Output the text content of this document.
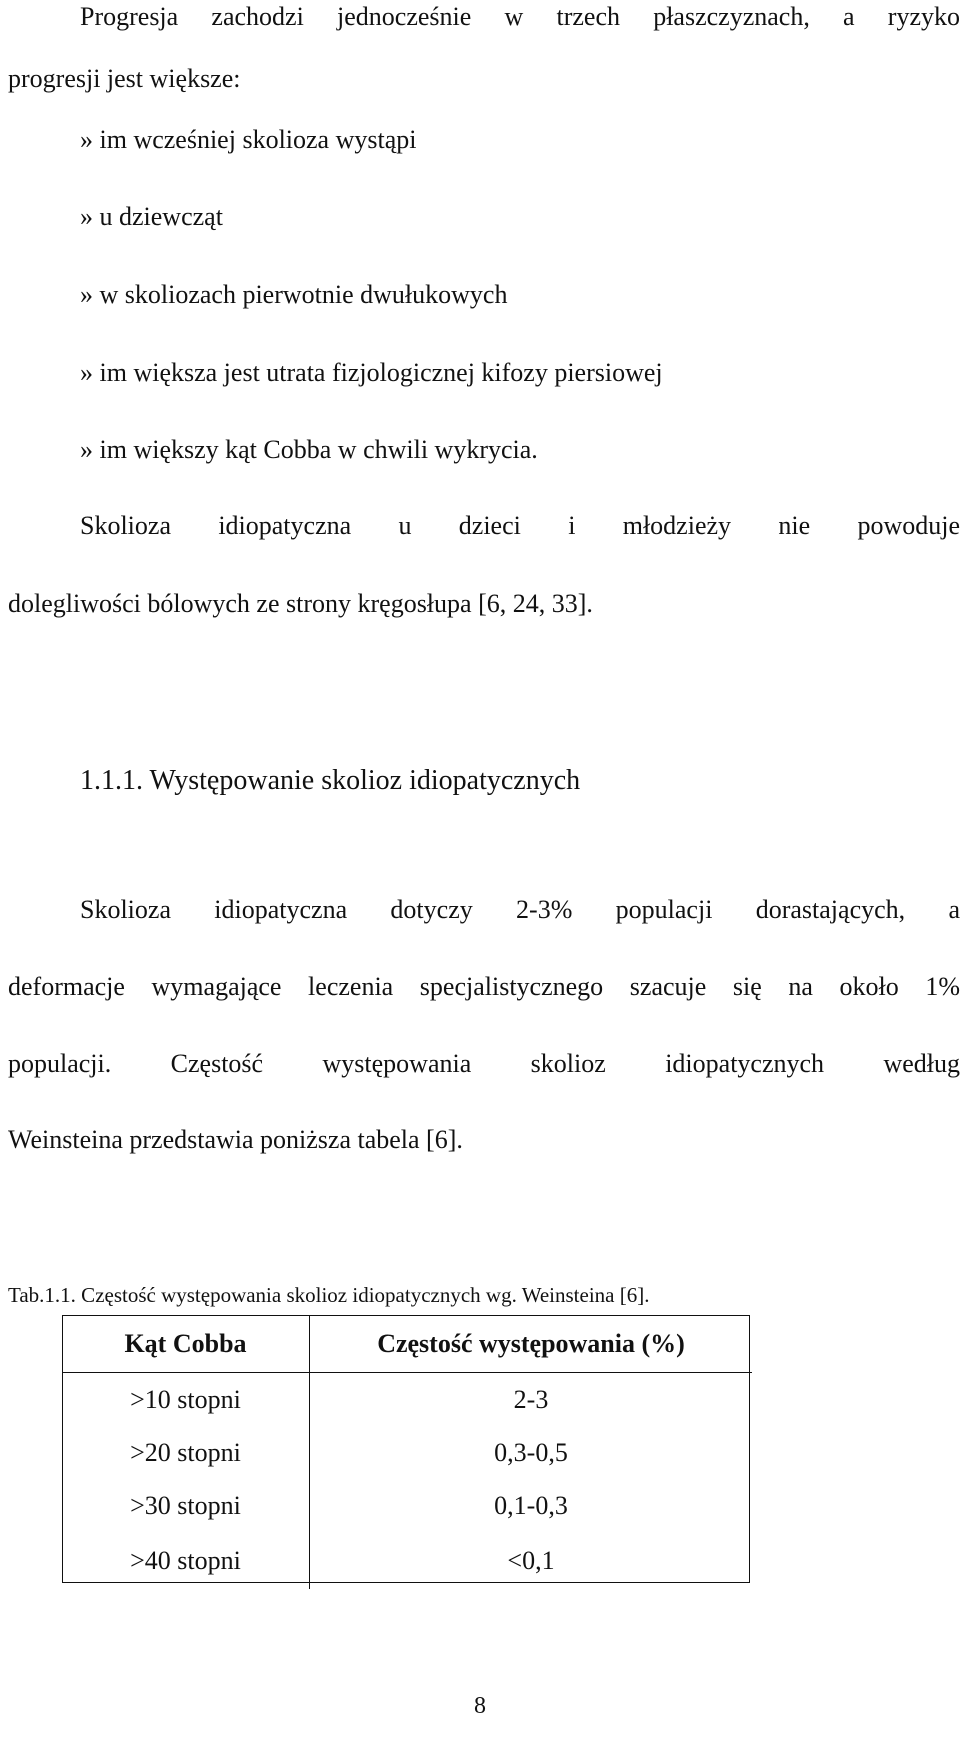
Progresja zachodzi jednocześnie w trzech płaszczyznach, a ryzyko
progresji jest większe:
» im wcześniej skolioza wystąpi
» u dziewcząt
» w skoliozach pierwotnie dwułukowych
» im większa jest utrata fizjologicznej kifozy piersiowej
» im większy kąt Cobba w chwili wykrycia.
Skolioza idiopatyczna u dzieci i młodzieży nie powoduje
dolegliwości bólowych ze strony kręgosłupa [6, 24, 33].
1.1.1. Występowanie skolioz idiopatycznych
Skolioza idiopatyczna dotyczy 2-3% populacji dorastających, a
deformacje wymagające leczenia specjalistycznego szacuje się na około 1%
populacji. Częstość występowania skolioz idiopatycznych według
Weinsteina przedstawia poniższa tabela [6].
Tab.1.1. Częstość występowania skolioz idiopatycznych wg. Weinsteina [6].
Kąt Cobba	Częstość występowania (%)
>10 stopni	2-3
>20 stopni	0,3-0,5
>30 stopni	0,1-0,3
>40 stopni	<0,1
8
